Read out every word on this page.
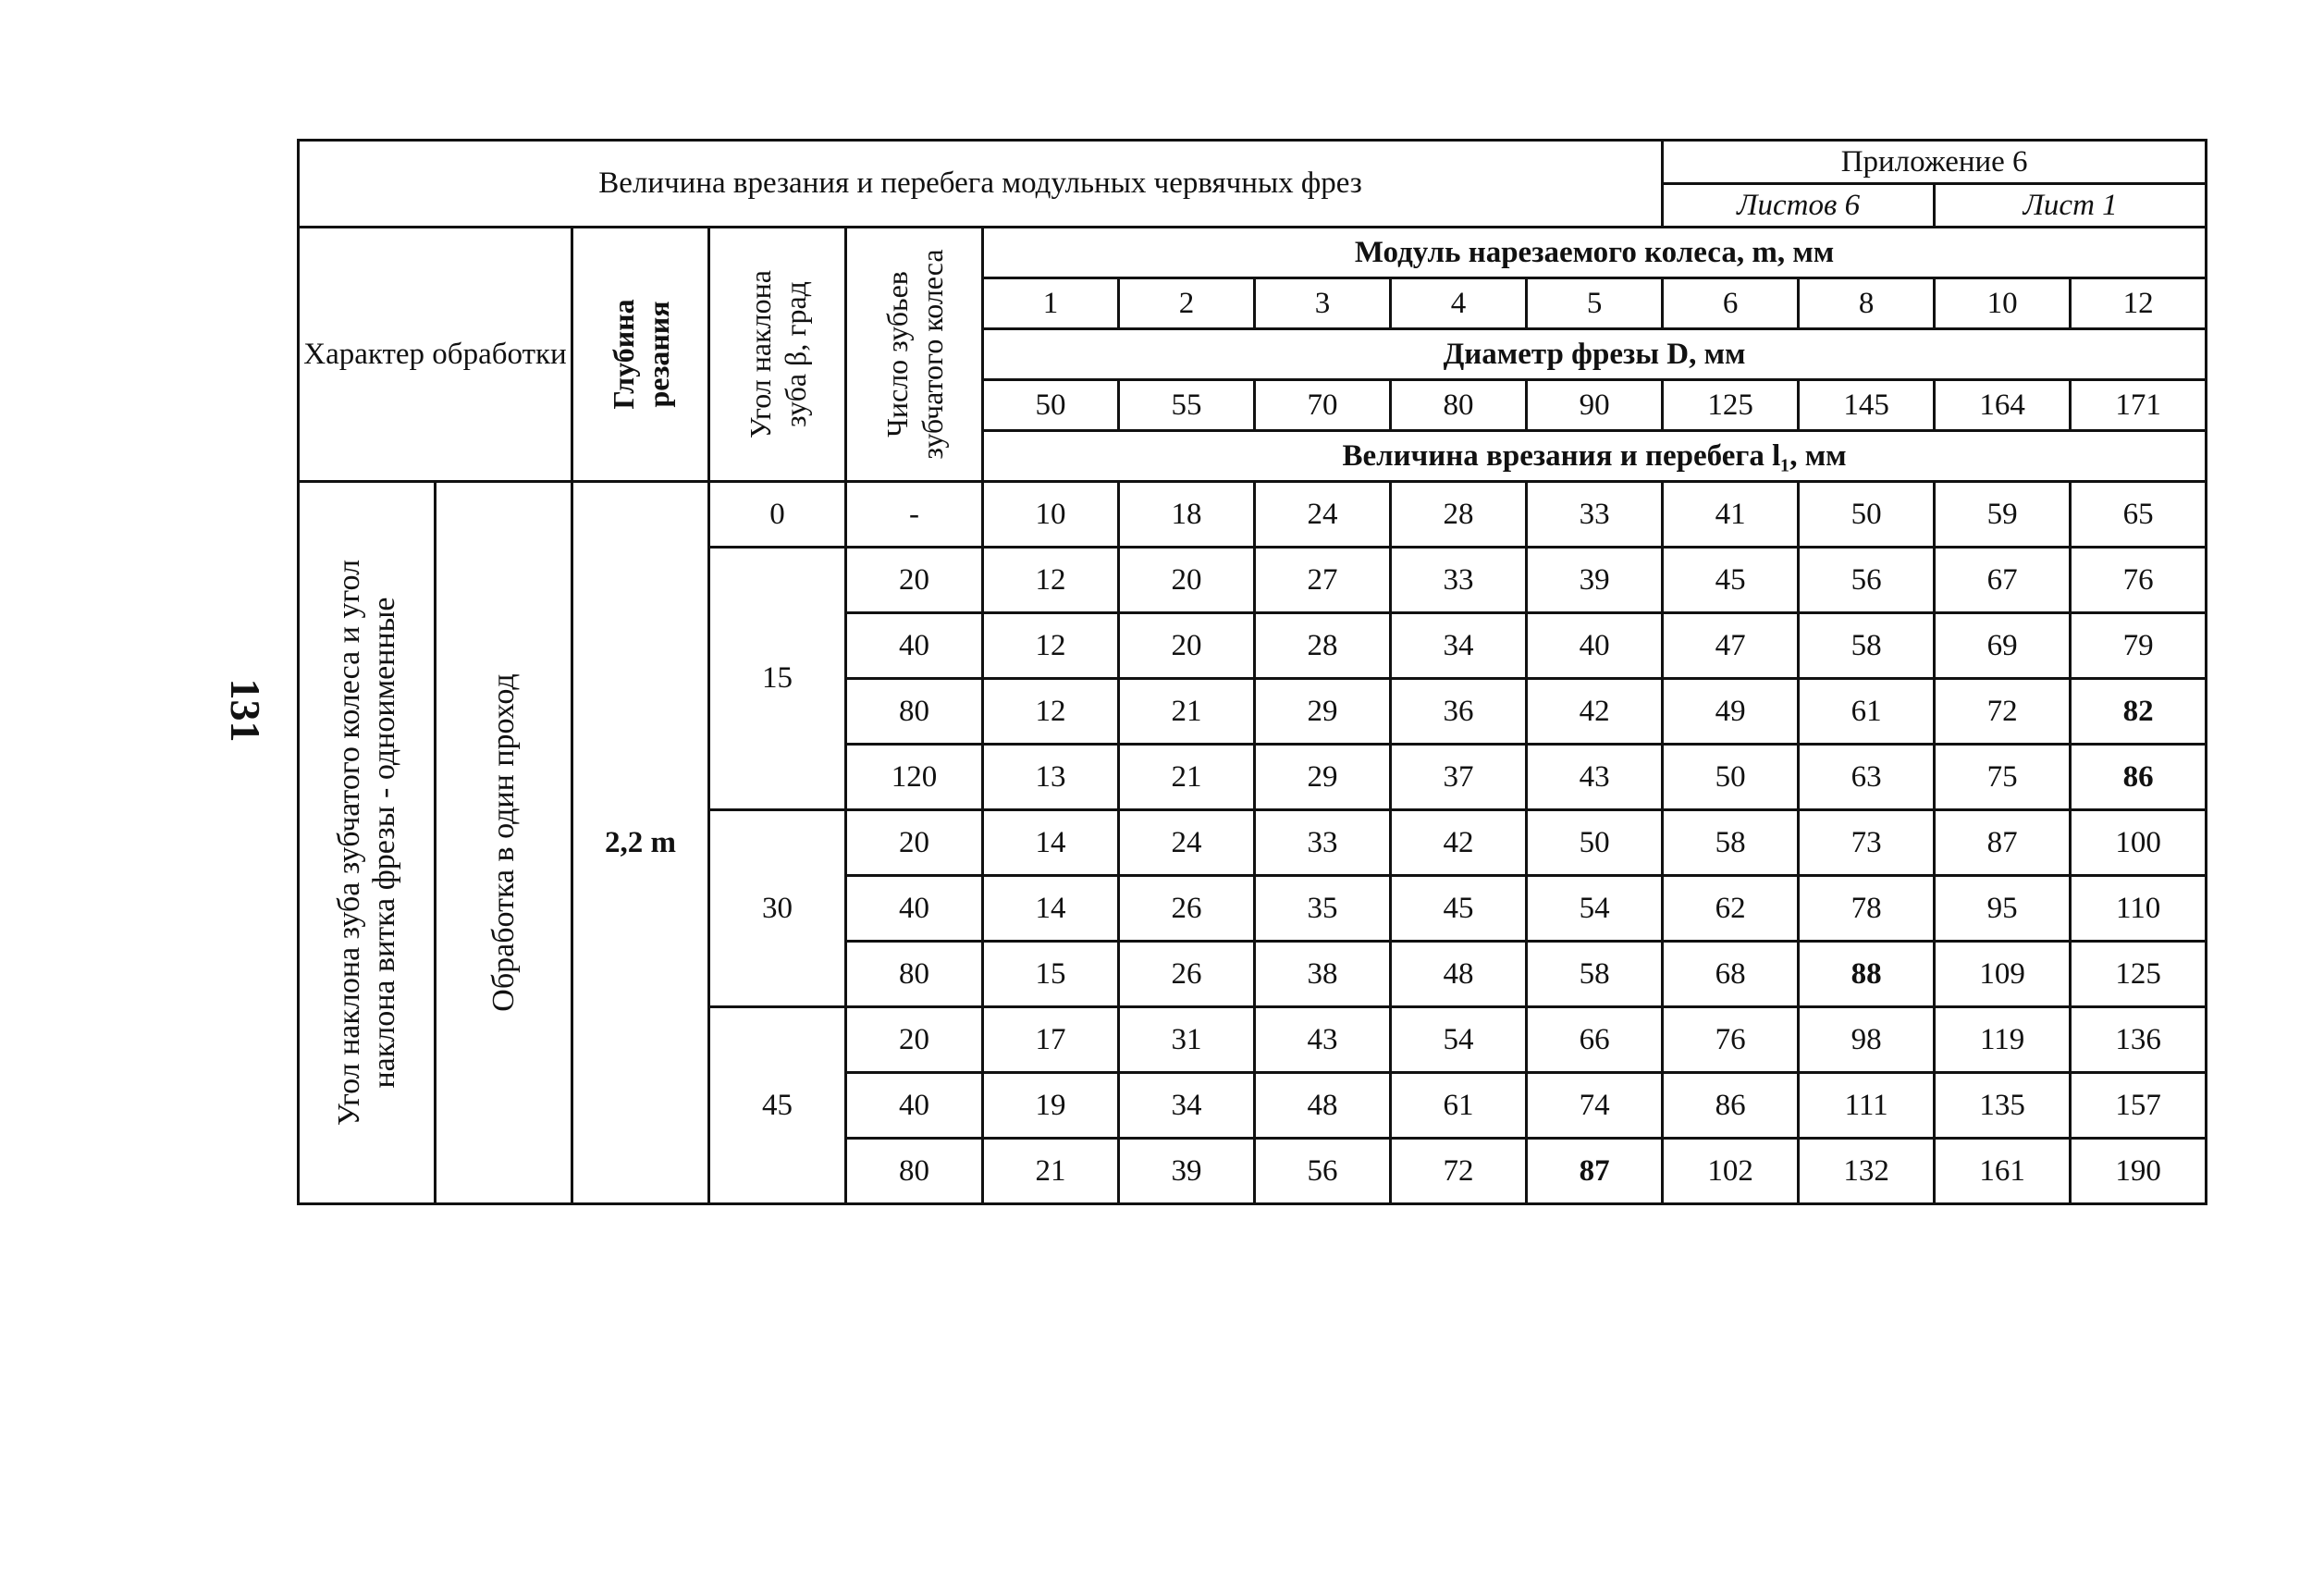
131
Величина врезания и перебега модульных червячных фрез										Приложение 6			
										Листов 6		Лист 1	
Характер обработки		Глубина резания	Угол наклона зуба β, град	Число зубьев зубчатого колеса	Модуль нарезаемого колеса, m, мм								
					1	2	3	4	5	6	8	10	12
					Диаметр фрезы D, мм								
					50	55	70	80	90	125	145	164	171
					Величина врезания и перебега l₁, мм								

Угол наклона зуба зубчатого колеса и угол наклона витка фрезы - одноименные	Обработка в один проход	2,2 m	0	-	10	18	24	28	33	41	50	59	65
			15	20	12	20	27	33	39	45	56	67	76
				40	12	20	28	34	40	47	58	69	79
				80	12	21	29	36	42	49	61	72	82
				120	13	21	29	37	43	50	63	75	86
			30	20	14	24	33	42	50	58	73	87	100
				40	14	26	35	45	54	62	78	95	110
				80	15	26	38	48	58	68	88	109	125
			45	20	17	31	43	54	66	76	98	119	136
				40	19	34	48	61	74	86	111	135	157
				80	21	39	56	72	87	102	132	161	190
